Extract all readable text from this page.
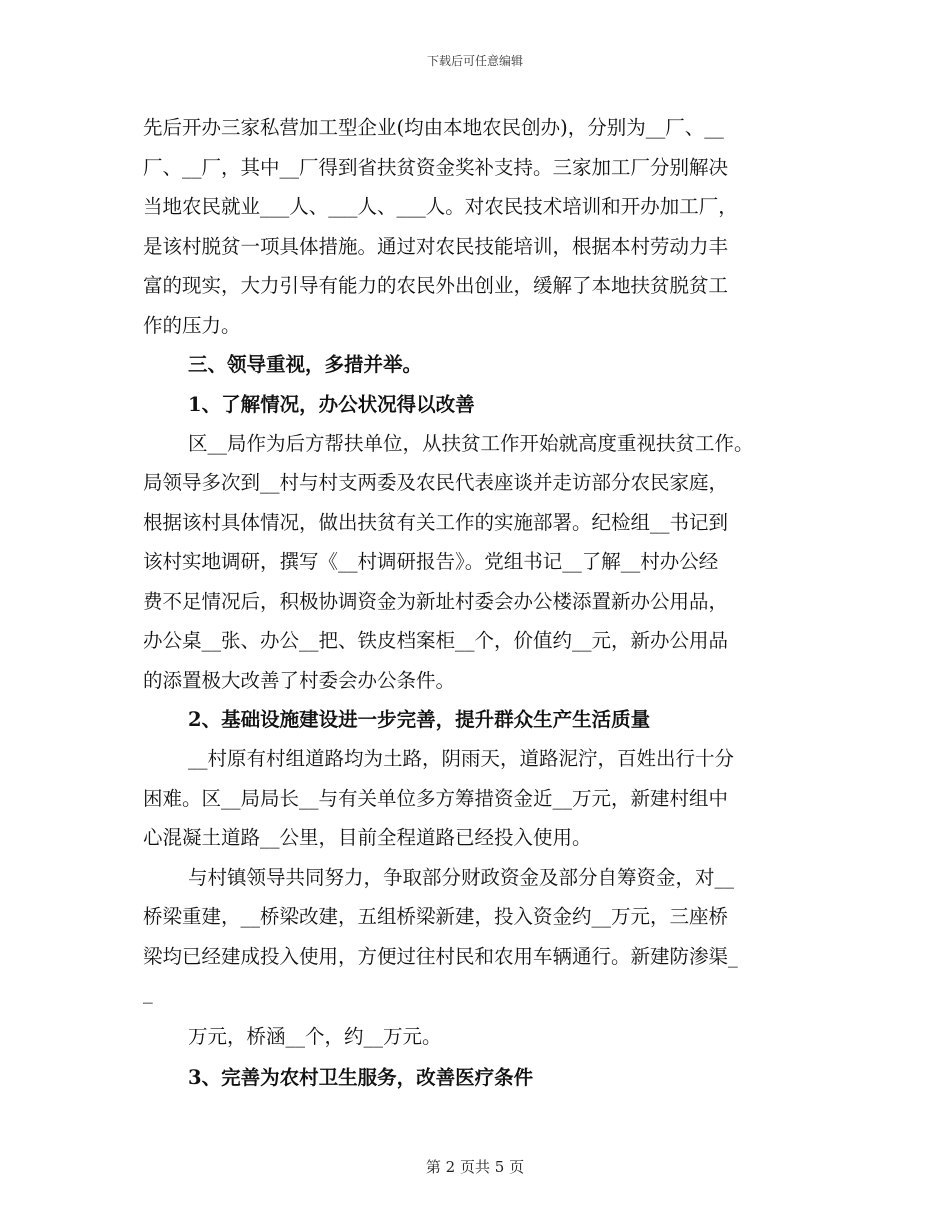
下载后可任意编辑
先后开办三家私营加工型企业(均由本地农民创办)，分别为__厂、__
厂、__厂，其中__厂得到省扶贫资金奖补支持。三家加工厂分别解决
当地农民就业___人、___人、___人。对农民技术培训和开办加工厂，
是该村脱贫一项具体措施。通过对农民技能培训，根据本村劳动力丰
富的现实，大力引导有能力的农民外出创业，缓解了本地扶贫脱贫工
作的压力。
三、领导重视，多措并举。
1、了解情况，办公状况得以改善
区__局作为后方帮扶单位，从扶贫工作开始就高度重视扶贫工作。
局领导多次到__村与村支两委及农民代表座谈并走访部分农民家庭，
根据该村具体情况，做出扶贫有关工作的实施部署。纪检组__书记到
该村实地调研，撰写《__村调研报告》。党组书记__了解__村办公经
费不足情况后，积极协调资金为新址村委会办公楼添置新办公用品，
办公桌__张、办公__把、铁皮档案柜__个，价值约__元，新办公用品
的添置极大改善了村委会办公条件。
2、基础设施建设进一步完善，提升群众生产生活质量
__村原有村组道路均为土路，阴雨天，道路泥泞，百姓出行十分
困难。区__局局长__与有关单位多方筹措资金近__万元，新建村组中
心混凝土道路__公里，目前全程道路已经投入使用。
与村镇领导共同努力，争取部分财政资金及部分自筹资金，对__
桥梁重建，__桥梁改建，五组桥梁新建，投入资金约__万元，三座桥
梁均已经建成投入使用，方便过往村民和农用车辆通行。新建防渗渠_
_
万元，桥涵__个，约__万元。
3、完善为农村卫生服务，改善医疗条件
第 2 页共 5 页
